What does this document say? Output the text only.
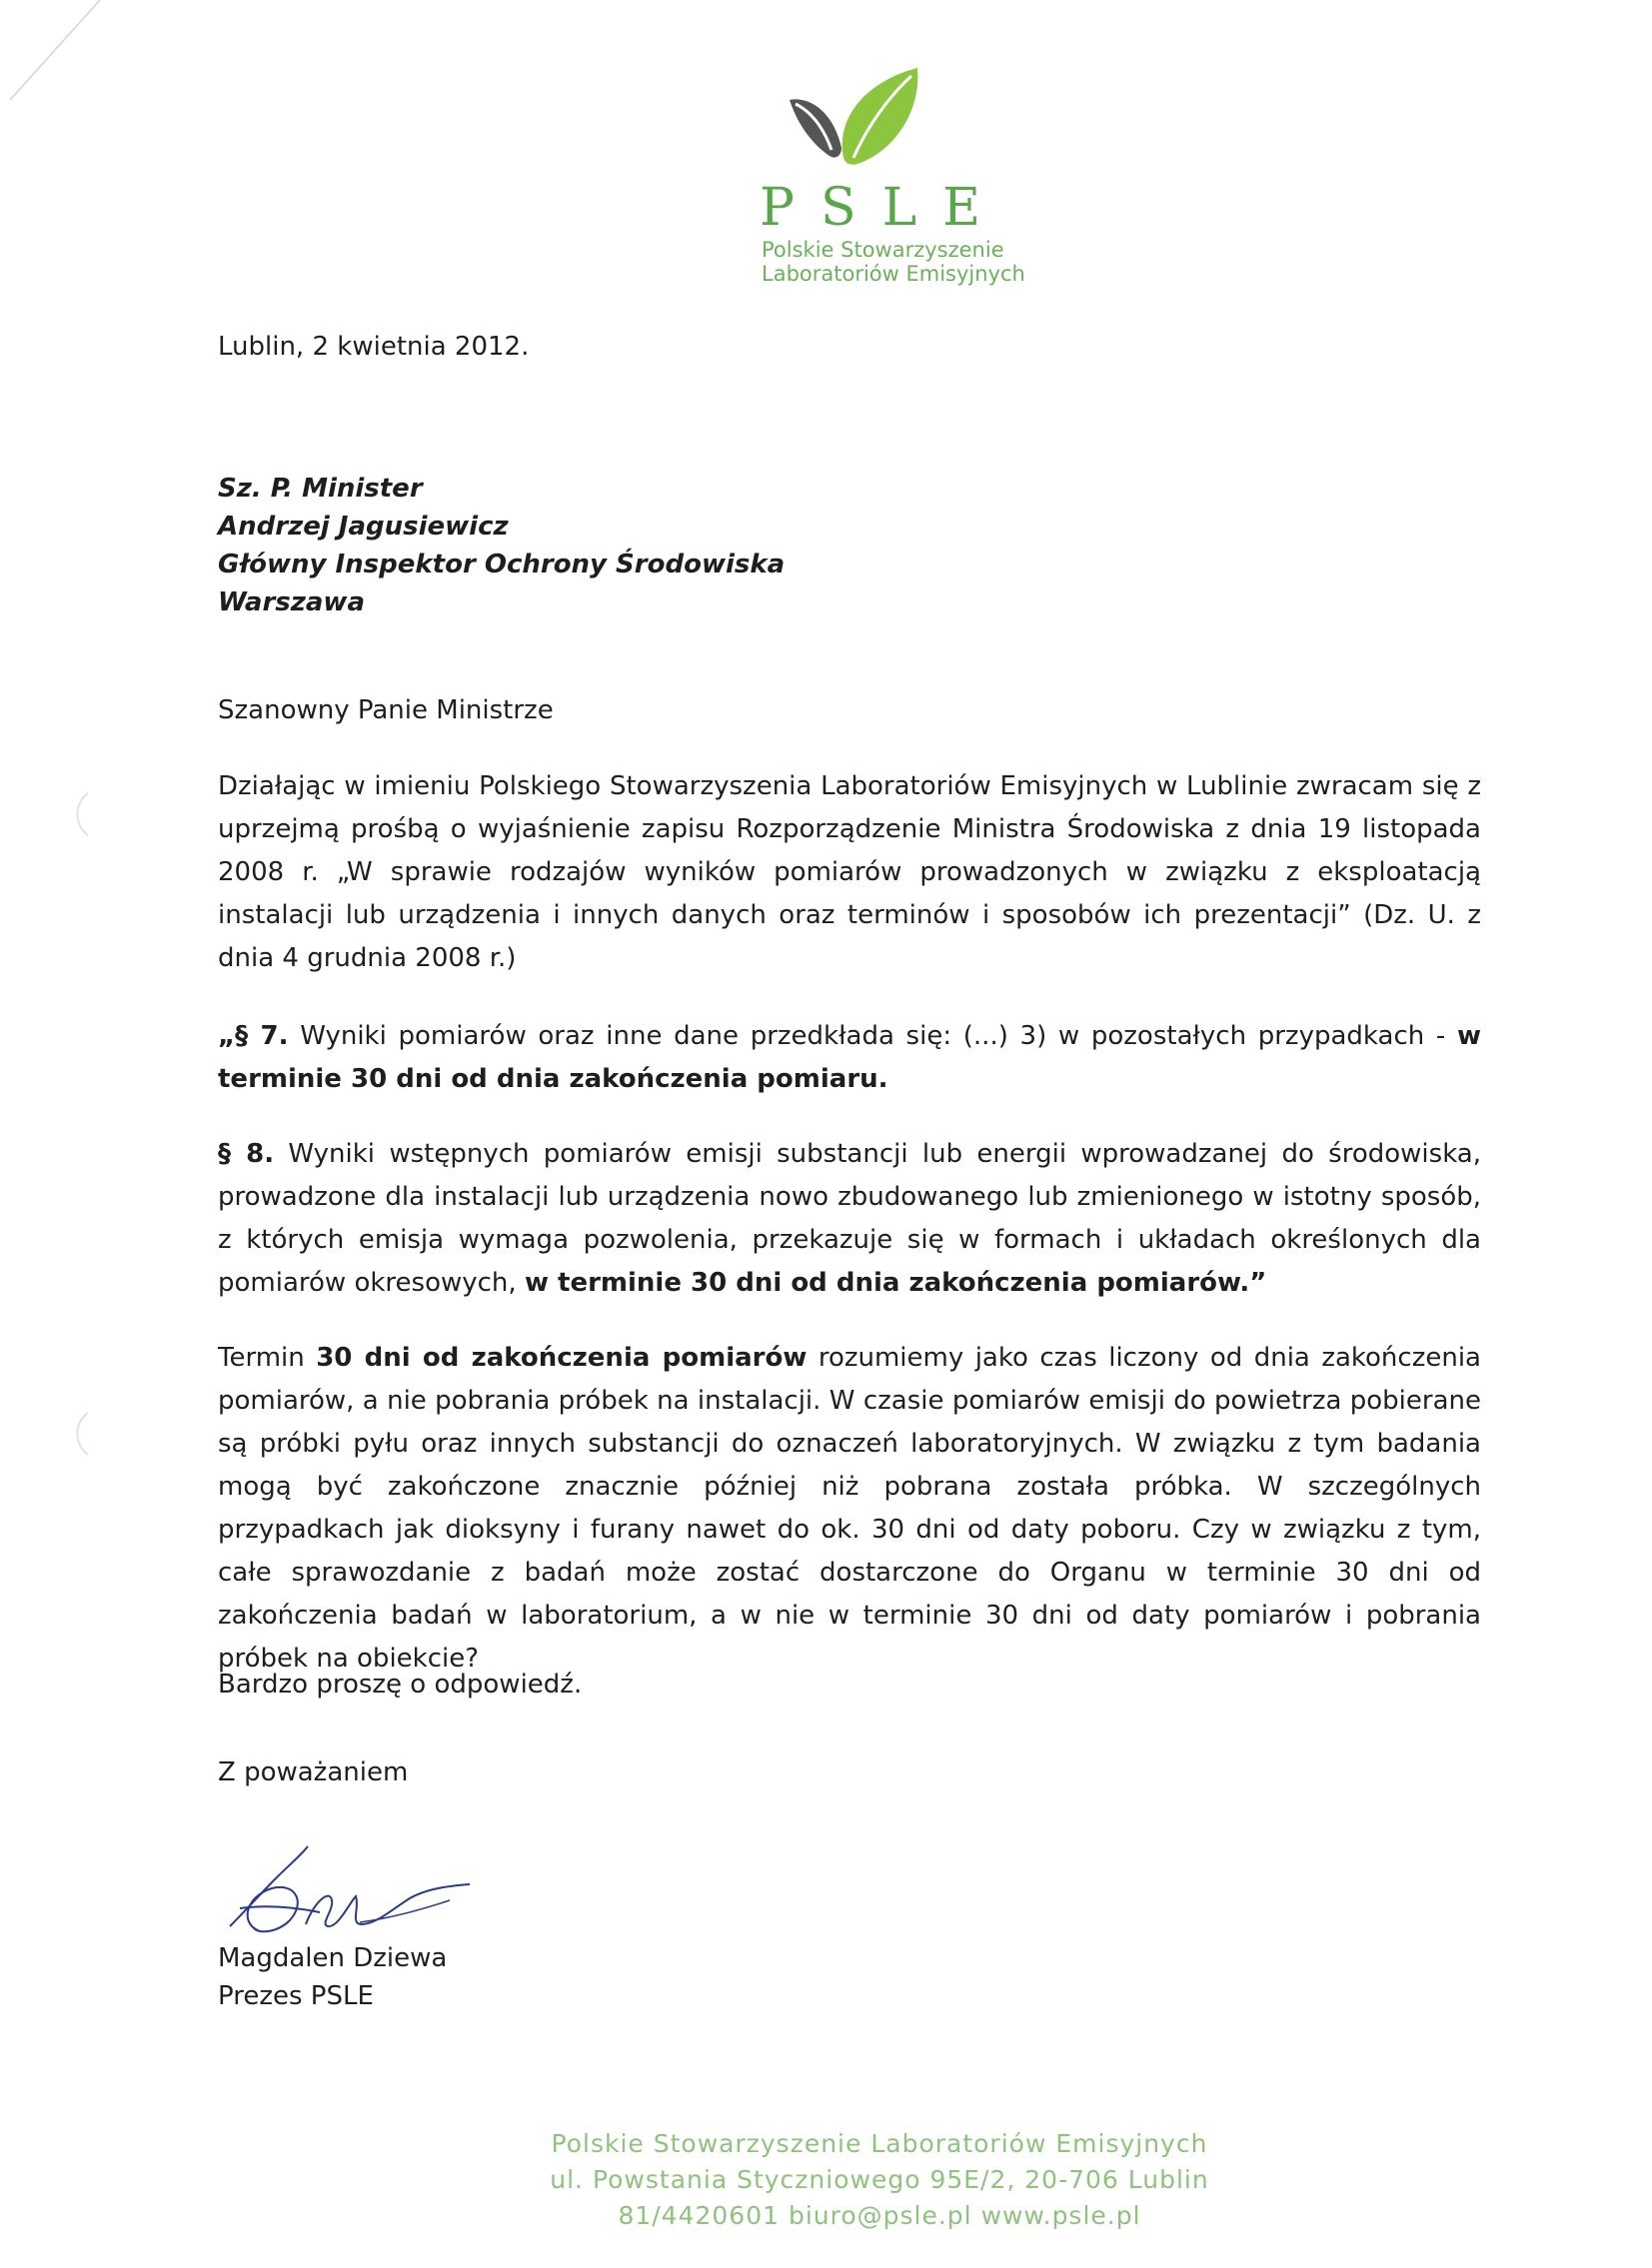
PSLE
Polskie Stowarzyszenie
Laboratoriów Emisyjnych
Lublin, 2 kwietnia 2012.
Sz. P. Minister
Andrzej Jagusiewicz
Główny Inspektor Ochrony Środowiska
Warszawa
Szanowny Panie Ministrze

Działając w imieniu Polskiego Stowarzyszenia Laboratoriów Emisyjnych w Lublinie zwracam się z uprzejmą prośbą o wyjaśnienie zapisu Rozporządzenie Ministra Środowiska z dnia 19 listopada 2008 r. „W sprawie rodzajów wyników pomiarów prowadzonych w związku z eksploatacją instalacji lub urządzenia i innych danych oraz terminów i sposobów ich prezentacji” (Dz. U. z dnia 4 grudnia 2008 r.)

„§ 7. Wyniki pomiarów oraz inne dane przedkłada się: (...) 3) w pozostałych przypadkach - w terminie 30 dni od dnia zakończenia pomiaru.

§ 8. Wyniki wstępnych pomiarów emisji substancji lub energii wprowadzanej do środowiska, prowadzone dla instalacji lub urządzenia nowo zbudowanego lub zmienionego w istotny sposób, z których emisja wymaga pozwolenia, przekazuje się w formach i układach określonych dla pomiarów okresowych, w terminie 30 dni od dnia zakończenia pomiarów.”

Termin 30 dni od zakończenia pomiarów rozumiemy jako czas liczony od dnia zakończenia pomiarów, a nie pobrania próbek na instalacji. W czasie pomiarów emisji do powietrza pobierane są próbki pyłu oraz innych substancji do oznaczeń laboratoryjnych. W związku z tym badania mogą być zakończone znacznie później niż pobrana została próbka. W szczególnych przypadkach jak dioksyny i furany nawet do ok. 30 dni od daty poboru. Czy w związku z tym, całe sprawozdanie z badań może zostać dostarczone do Organu w terminie 30 dni od zakończenia badań w laboratorium, a w nie w terminie 30 dni od daty pomiarów i pobrania próbek na obiekcie?

Bardzo proszę o odpowiedź.

Z poważaniem

Magdalen Dziewa
Prezes PSLE
Polskie Stowarzyszenie Laboratoriów Emisyjnych
ul. Powstania Styczniowego 95E/2, 20-706 Lublin
81/4420601 biuro@psle.pl www.psle.pl
